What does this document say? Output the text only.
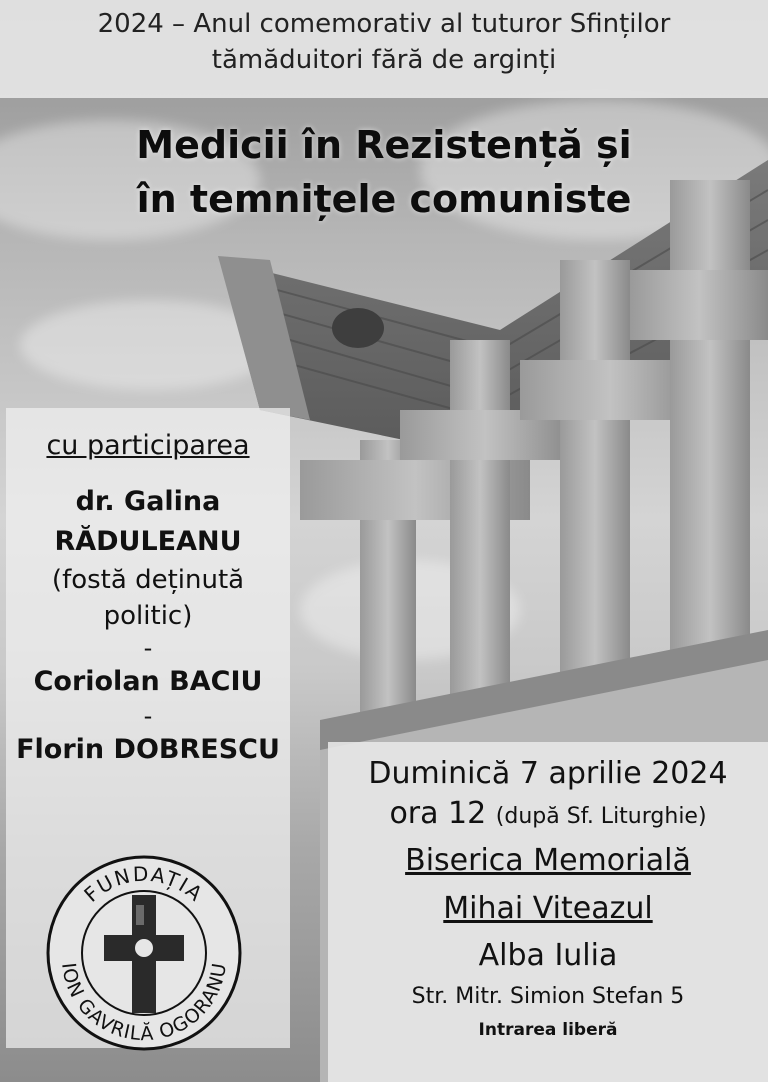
2024 – Anul comemorativ al tuturor Sfinților
tămăduitori fără de arginți
Medicii în Rezistență și
în temnițele comuniste
cu participarea
dr. Galina
RĂDULEANU
(fostă deținută
politic)
-
Coriolan BACIU
-
Florin DOBRESCU
FUNDAȚIA
ION GAVRILĂ OGORANU
Duminică 7 aprilie 2024
ora 12 (după Sf. Liturghie)
Biserica Memorială
Mihai Viteazul
Alba Iulia
Str. Mitr. Simion Stefan 5
Intrarea liberă
